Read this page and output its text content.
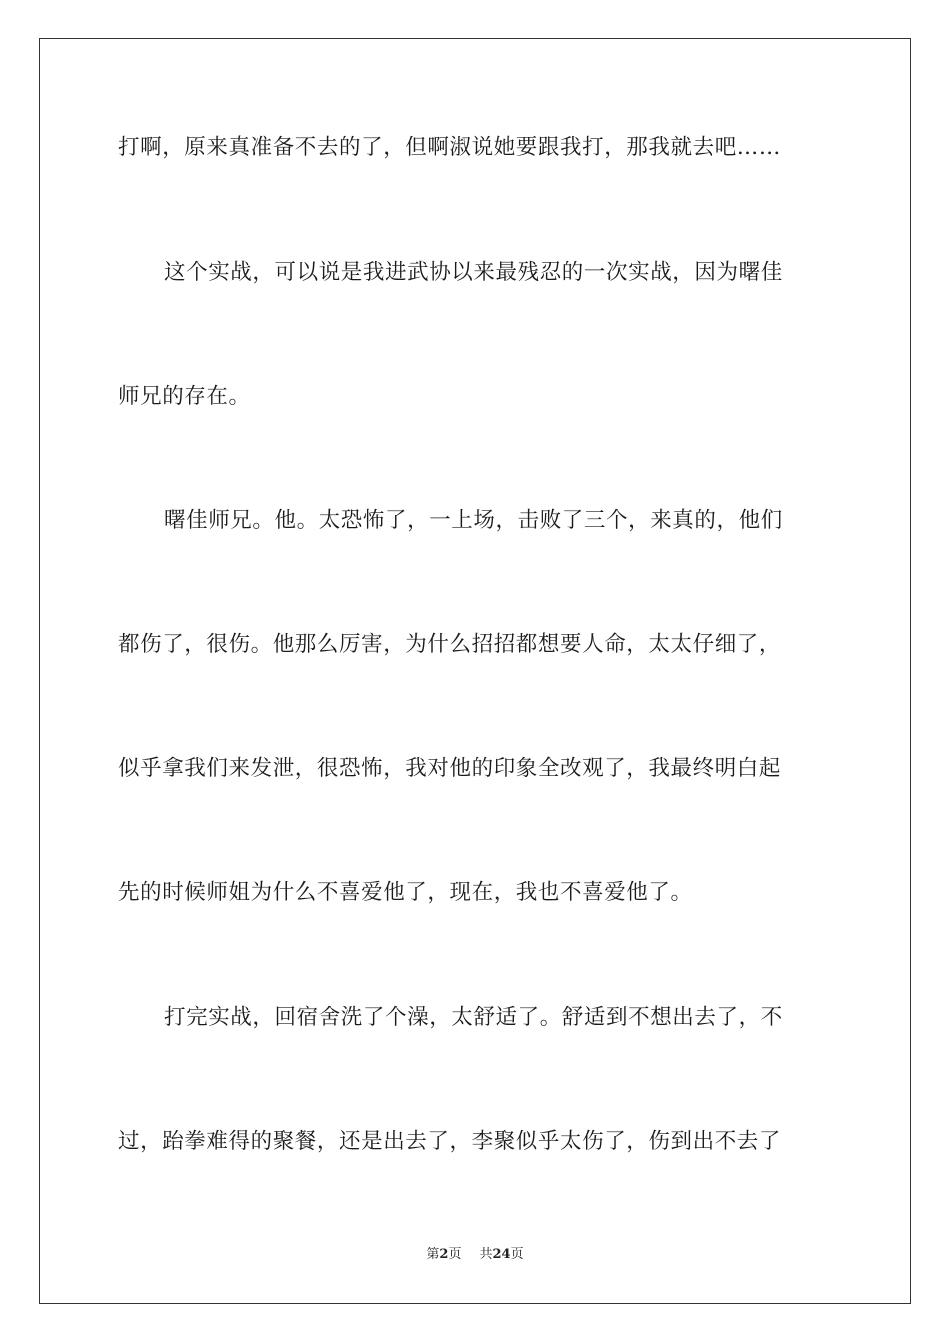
打啊，原来真准备不去的了，但啊淑说她要跟我打，那我就去吧……
这个实战，可以说是我进武协以来最残忍的一次实战，因为曙佳
师兄的存在。
曙佳师兄。他。太恐怖了，一上场，击败了三个，来真的，他们
都伤了，很伤。他那么厉害，为什么招招都想要人命，太太仔细了，
似乎拿我们来发泄，很恐怖，我对他的印象全改观了，我最终明白起
先的时候师姐为什么不喜爱他了，现在，我也不喜爱他了。
打完实战，回宿舍洗了个澡，太舒适了。舒适到不想出去了，不
过，跆拳难得的聚餐，还是出去了，李聚似乎太伤了，伤到出不去了
第2页 共24页
